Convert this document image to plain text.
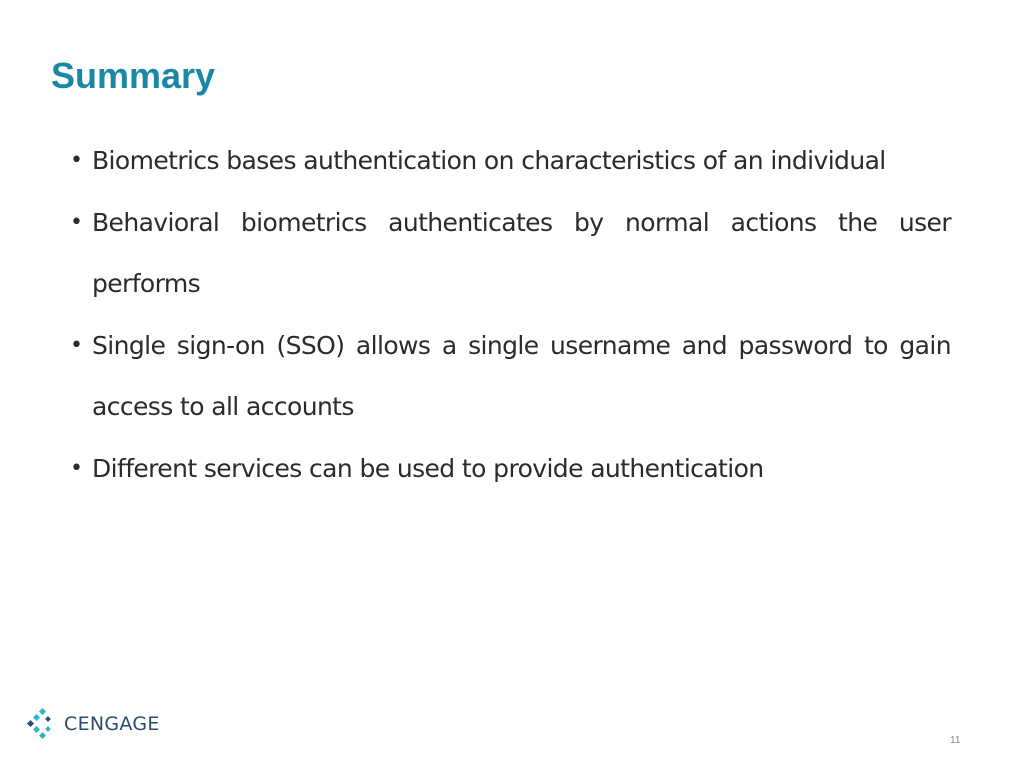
Summary
• Biometrics bases authentication on characteristics of an individual
• Behavioral biometrics authenticates by normal actions the user performs
• Single sign-on (SSO) allows a single username and password to gain access to all accounts
• Different services can be used to provide authentication
CENGAGE
11
